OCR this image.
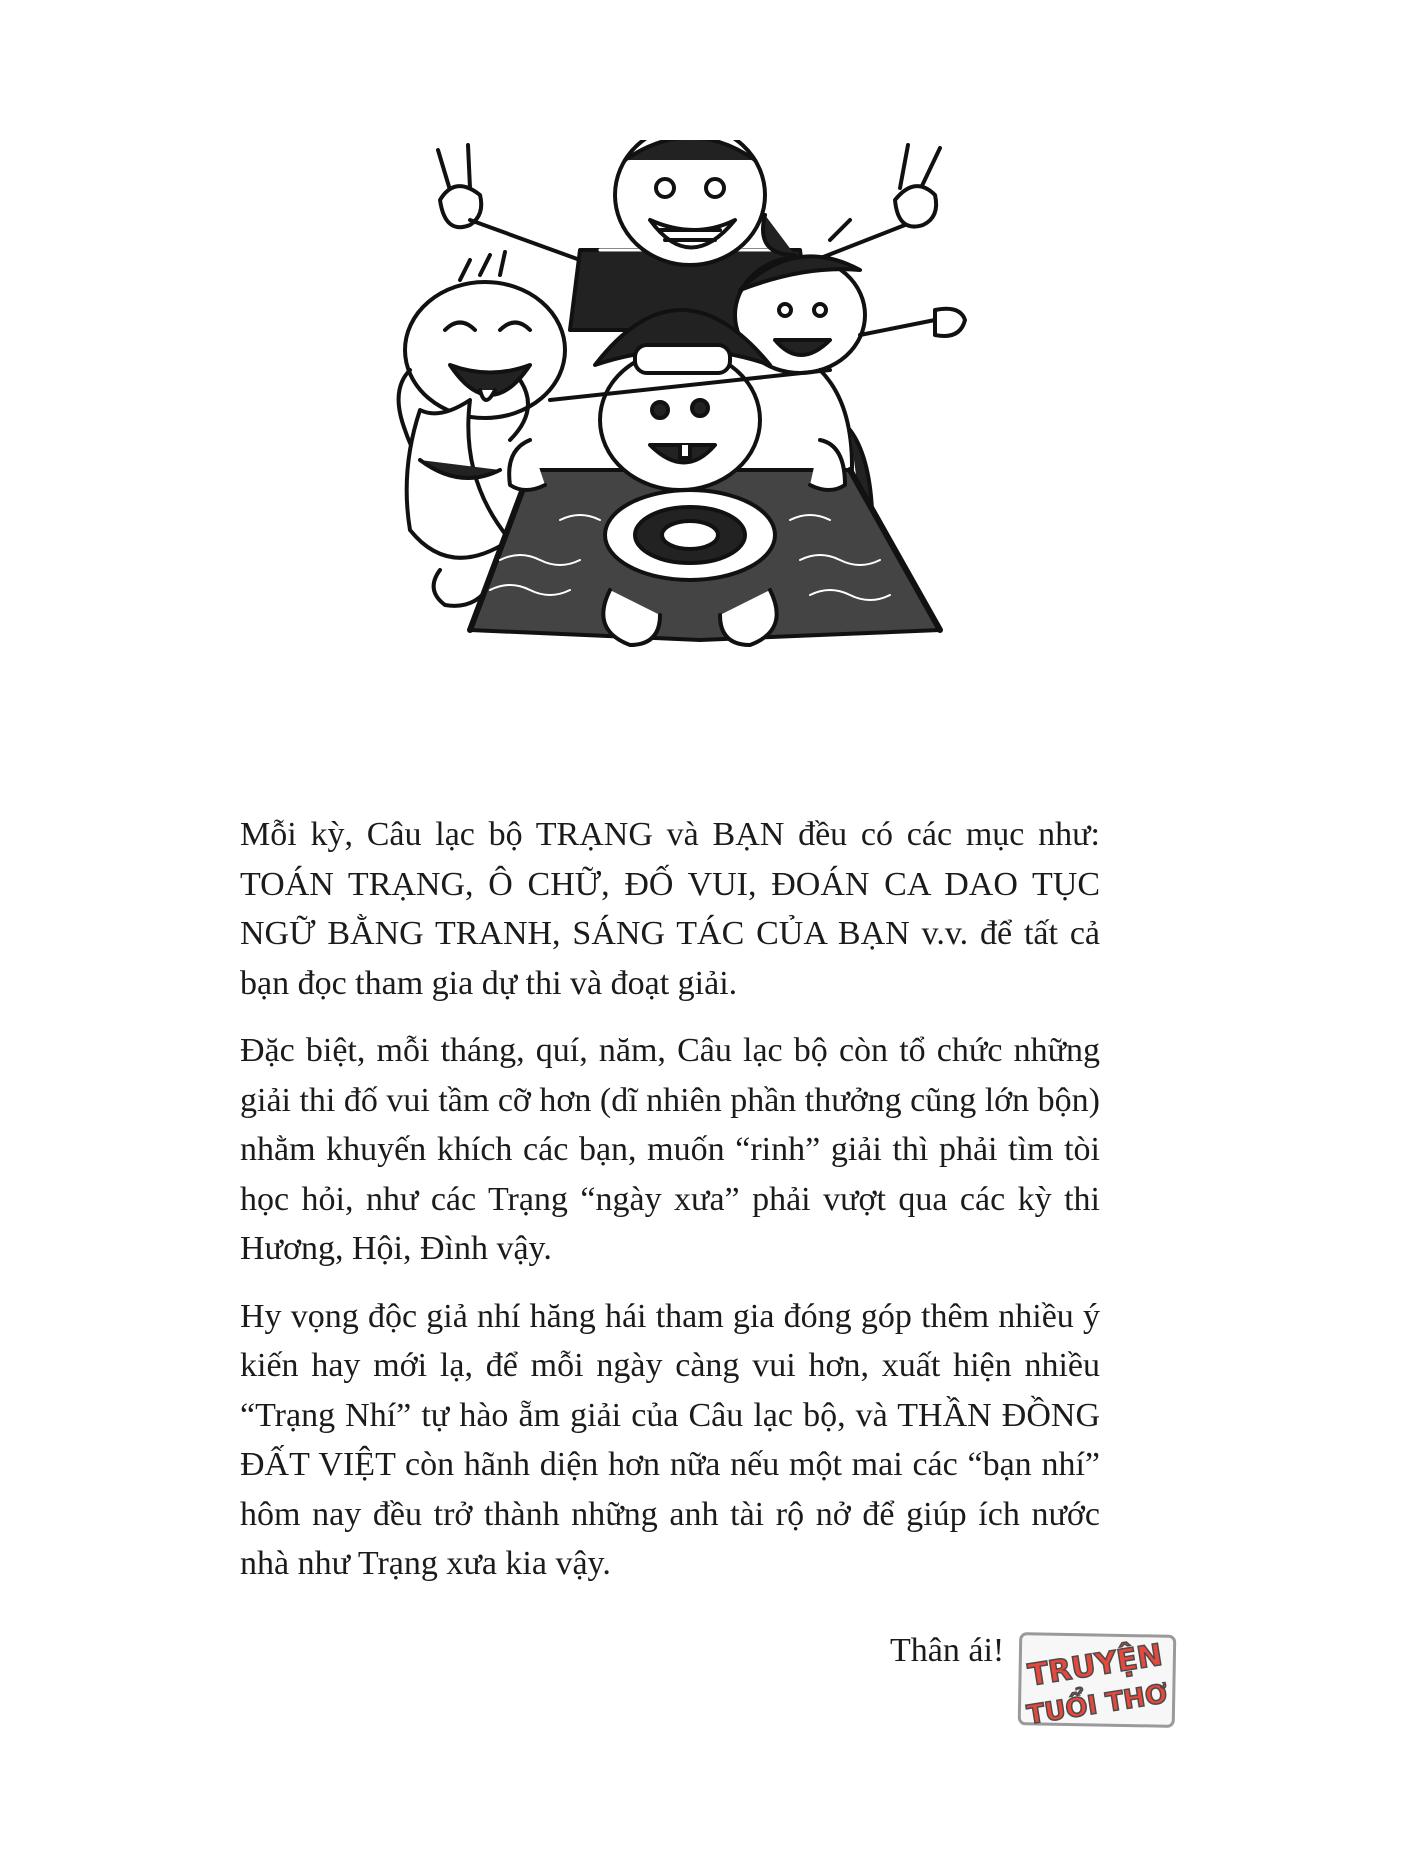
Mỗi kỳ, Câu lạc bộ TRẠNG và BẠN đều có các mục như: TOÁN TRẠNG, Ô CHỮ, ĐỐ VUI, ĐOÁN CA DAO TỤC NGỮ BẰNG TRANH, SÁNG TÁC CỦA BẠN v.v. để tất cả bạn đọc tham gia dự thi và đoạt giải.

Đặc biệt, mỗi tháng, quí, năm, Câu lạc bộ còn tổ chức những giải thi đố vui tầm cỡ hơn (dĩ nhiên phần thưởng cũng lớn bộn) nhằm khuyến khích các bạn, muốn “rinh” giải thì phải tìm tòi học hỏi, như các Trạng “ngày xưa” phải vượt qua các kỳ thi Hương, Hội, Đình vậy.

Hy vọng độc giả nhí hăng hái tham gia đóng góp thêm nhiều ý kiến hay mới lạ, để mỗi ngày càng vui hơn, xuất hiện nhiều “Trạng Nhí” tự hào ẵm giải của Câu lạc bộ, và THẦN ĐỒNG ĐẤT VIỆT còn hãnh diện hơn nữa nếu một mai các “bạn nhí” hôm nay đều trở thành những anh tài rộ nở để giúp ích nước nhà như Trạng xưa kia vậy.

Thân ái! TRUYỆN
TUỔI THƠ
